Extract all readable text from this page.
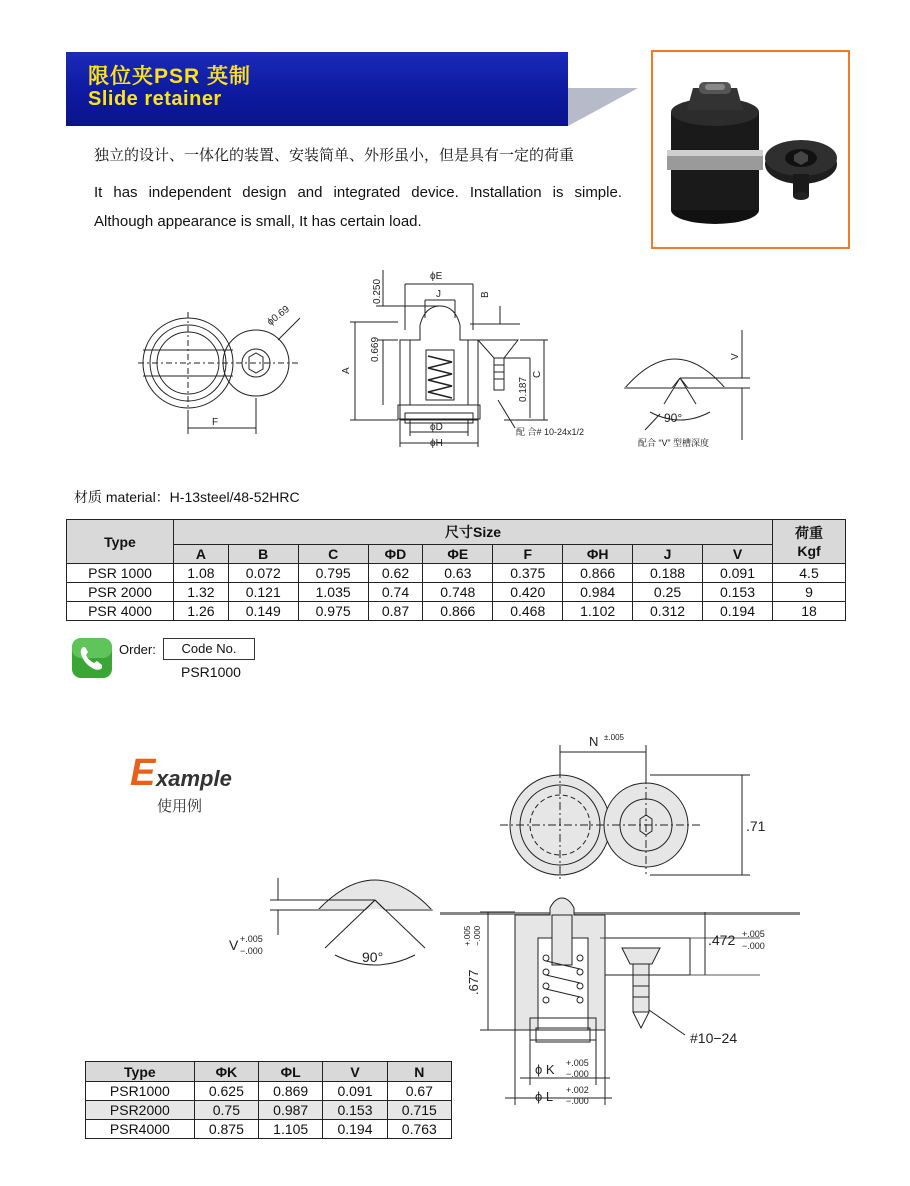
限位夹PSR 英制
Slide retainer
独立的设计、一体化的装置、安装简单、外形虽小，但是具有一定的荷重
It has independent design and integrated device. Installation is simple. Although appearance is small, It has certain load.
ϕ0.69
F
ϕE
0.250	J	B
A
0.669
0.187
C
ϕD
ϕH
配 合# 10-24x1/2
V
90°
配合 “V” 型槽深度
材质 material：H-13steel/48-52HRC
Type	尺寸Size									荷重
Kgf
	A	B	C	ΦD	ΦE	F	ΦH	J	V	
PSR 1000	1.08	0.072	0.795	0.62	0.63	0.375	0.866	0.188	0.091	4.5
PSR 2000	1.32	0.121	1.035	0.74	0.748	0.420	0.984	0.25	0.153	9
PSR 4000	1.26	0.149	0.975	0.87	0.866	0.468	1.102	0.312	0.194	18
Order:	Code No.
PSR1000
E xample
使用例
N ±.005
.71
V +.005
−.000	90°
.677
+.005 −.000	.472 +.005
−.000
#10−24
ϕ K +.005
−.000
ϕ L +.002
−.000
Type	ΦK	ΦL	V	N
PSR1000	0.625	0.869	0.091	0.67
PSR2000	0.75	0.987	0.153	0.715
PSR4000	0.875	1.105	0.194	0.763
